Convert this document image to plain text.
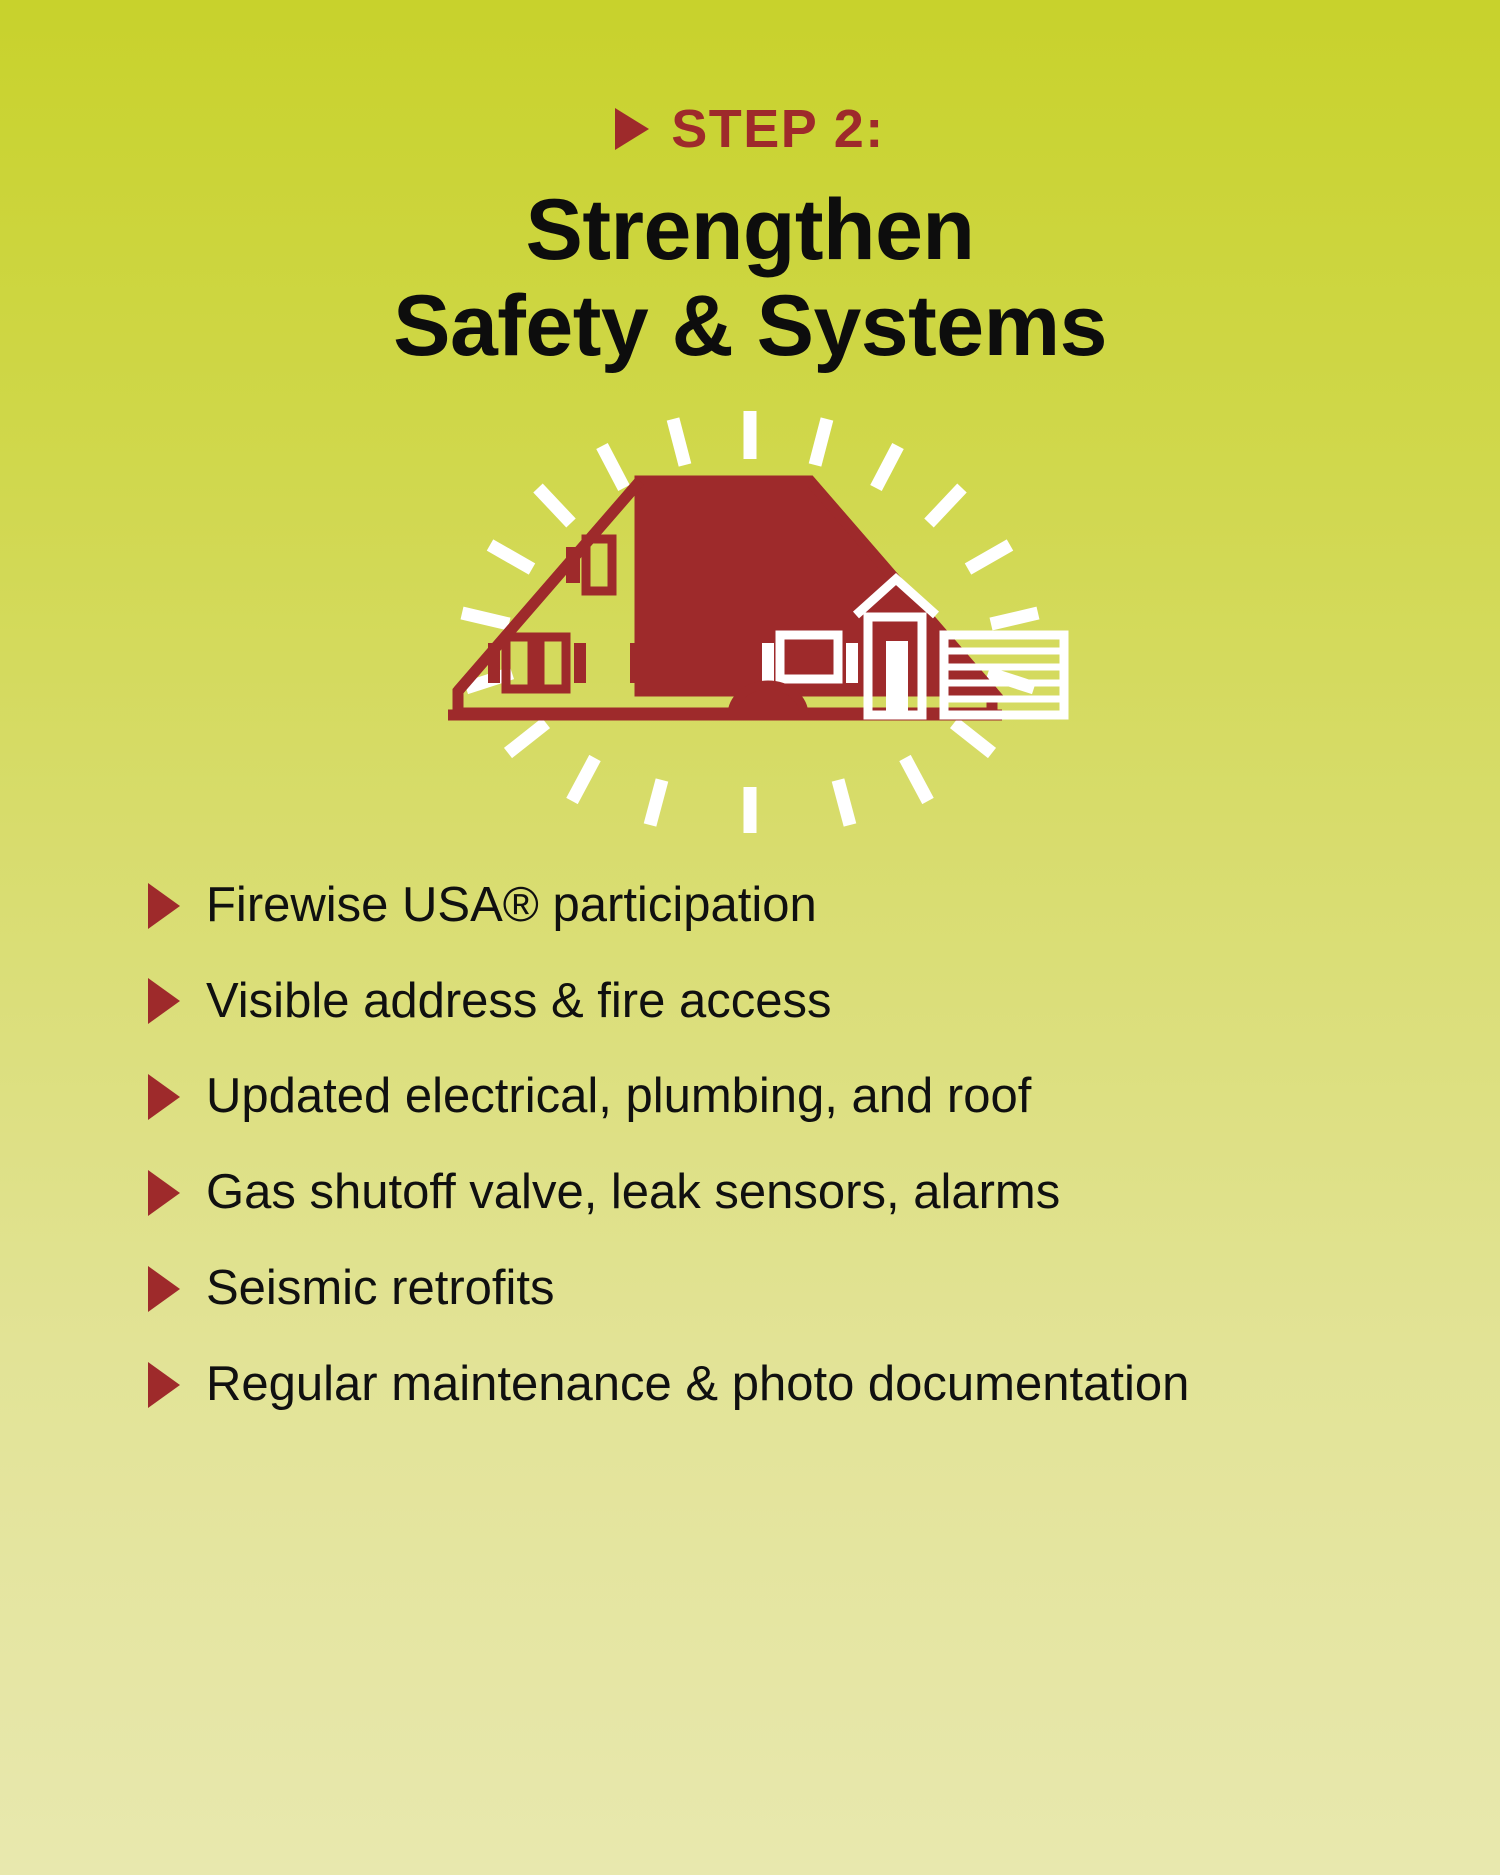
STEP 2:
Strengthen
Safety & Systems
Firewise USA® participation
Visible address & fire access
Updated electrical, plumbing, and roof
Gas shutoff valve, leak sensors, alarms
Seismic retrofits
Regular maintenance & photo documentation
